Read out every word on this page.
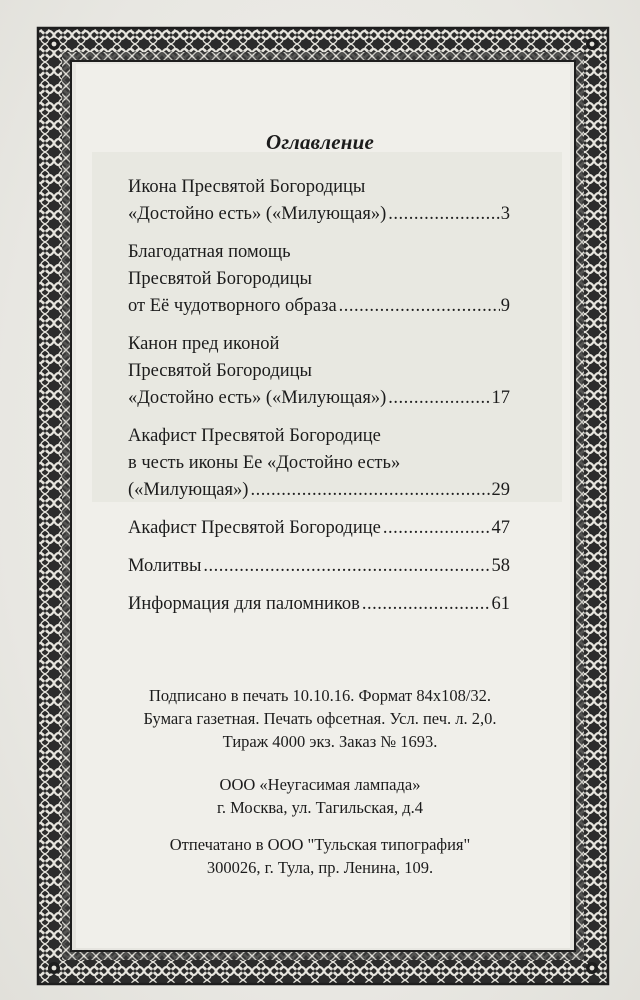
Оглавление
Икона Пресвятой Богородицы
«Достойно есть» («Милующая») .....	3
Благодатная помощь
Пресвятой Богородицы
от Её чудотворного образа .....	9
Канон пред иконой
Пресвятой Богородицы
«Достойно есть» («Милующая») .....	17
Акафист Пресвятой Богородице
в честь иконы Ее «Достойно есть»
(«Милующая») .....	29
Акафист Пресвятой Богородице .....	47
Молитвы .....	58
Информация для паломников .....	61
Подписано в печать 10.10.16. Формат 84x108/32.
Бумага газетная. Печать офсетная. Усл. печ. л. 2,0.
Тираж 4000 экз. Заказ № 1693.
ООО «Неугасимая лампада»
г. Москва, ул. Тагильская, д.4
Отпечатано в ООО "Тульская типография"
300026, г. Тула, пр. Ленина, 109.
